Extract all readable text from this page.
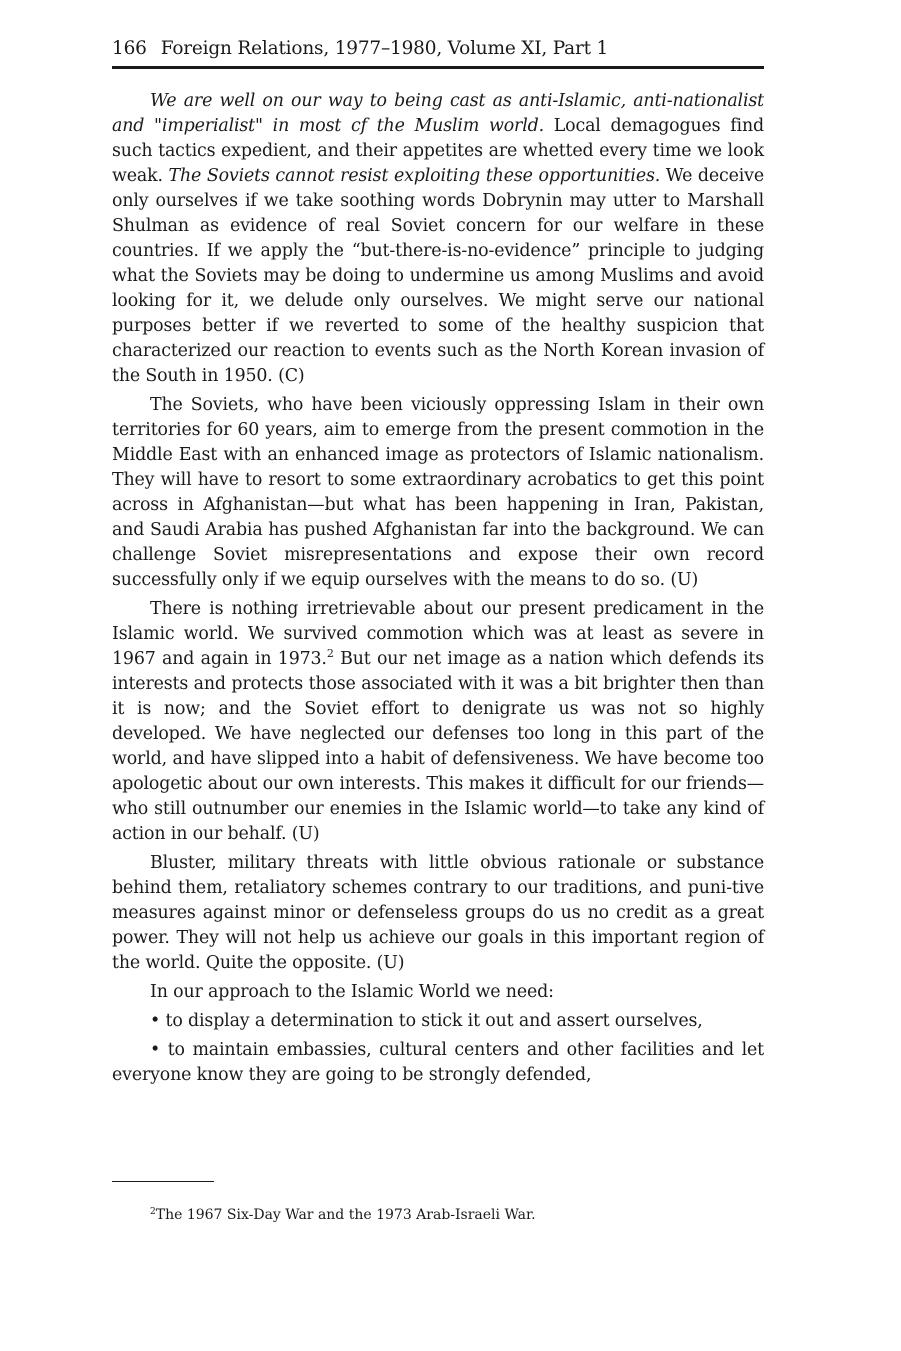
166 Foreign Relations, 1977–1980, Volume XI, Part 1

We are well on our way to being cast as anti-Islamic, anti-nationalist and "imperialist" in most cf the Muslim world. Local demagogues find such tactics expedient, and their appetites are whetted every time we look weak. The Soviets cannot resist exploiting these opportunities. We deceive only ourselves if we take soothing words Dobrynin may utter to Marshall Shulman as evidence of real Soviet concern for our welfare in these countries. If we apply the “but-there-is-no-evidence” principle to judging what the Soviets may be doing to undermine us among Muslims and avoid looking for it, we delude only ourselves. We might serve our national purposes better if we reverted to some of the healthy suspicion that characterized our reaction to events such as the North Korean invasion of the South in 1950. (C)

The Soviets, who have been viciously oppressing Islam in their own territories for 60 years, aim to emerge from the present commotion in the Middle East with an enhanced image as protectors of Islamic nationalism. They will have to resort to some extraordinary acrobatics to get this point across in Afghanistan—but what has been happening in Iran, Pakistan, and Saudi Arabia has pushed Afghanistan far into the background. We can challenge Soviet misrepresentations and expose their own record successfully only if we equip ourselves with the means to do so. (U)

There is nothing irretrievable about our present predicament in the Islamic world. We survived commotion which was at least as severe in 1967 and again in 1973.$^2$ But our net image as a nation which defends its interests and protects those associated with it was a bit brighter then than it is now; and the Soviet effort to denigrate us was not so highly developed. We have neglected our defenses too long in this part of the world, and have slipped into a habit of defensiveness. We have become too apologetic about our own interests. This makes it difficult for our friends—who still outnumber our enemies in the Islamic world—to take any kind of action in our behalf. (U)

Bluster, military threats with little obvious rationale or substance behind them, retaliatory schemes contrary to our traditions, and puni-tive measures against minor or defenseless groups do us no credit as a great power. They will not help us achieve our goals in this important region of the world. Quite the opposite. (U)

In our approach to the Islamic World we need:

• to display a determination to stick it out and assert ourselves,

• to maintain embassies, cultural centers and other facilities and let everyone know they are going to be strongly defended,

$^2$The 1967 Six-Day War and the 1973 Arab-Israeli War.
